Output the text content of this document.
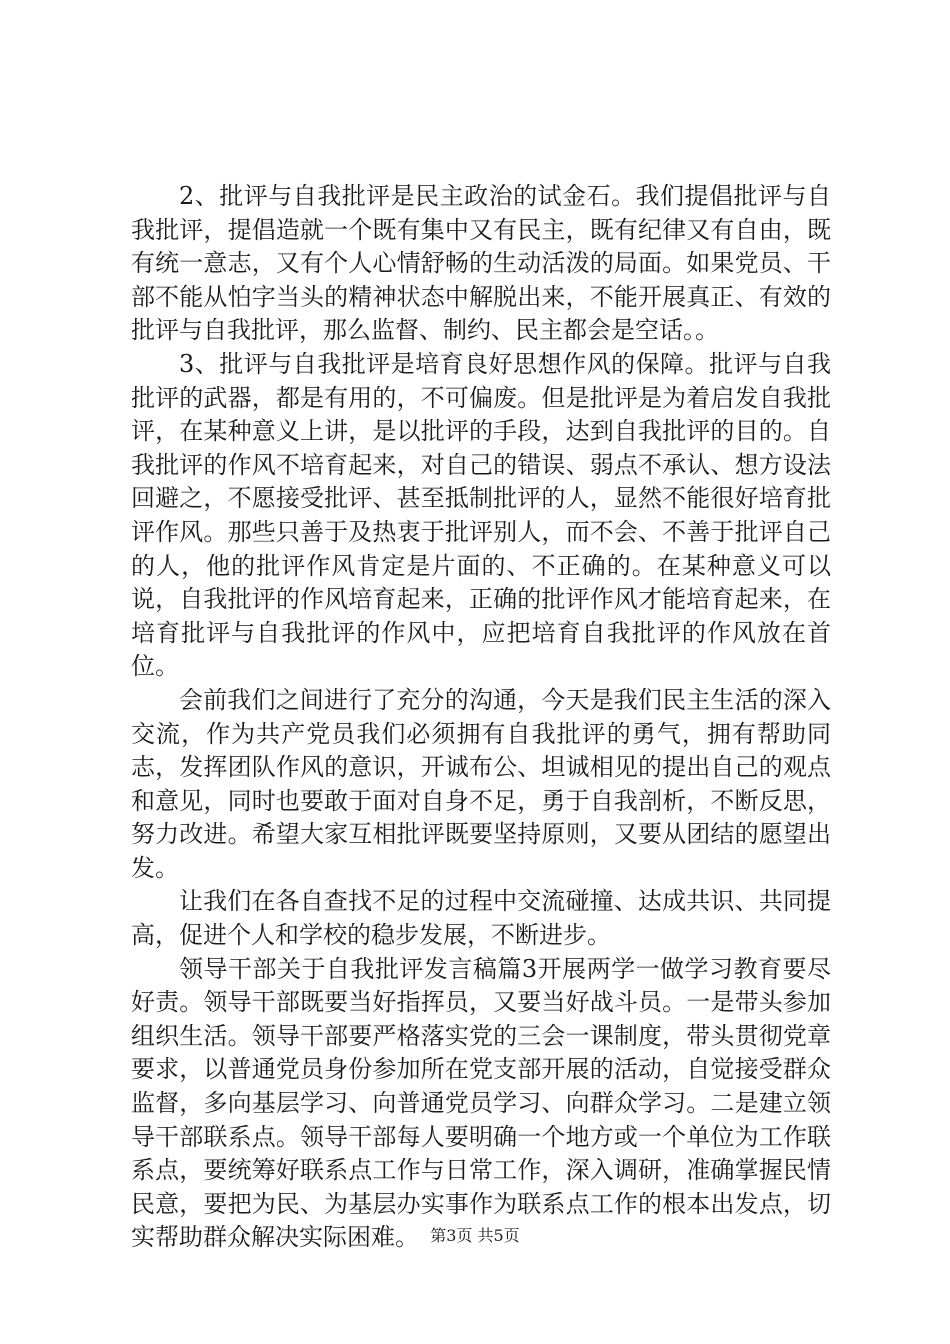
2、批评与自我批评是民主政治的试金石。我们提倡批评与自我批评，提倡造就一个既有集中又有民主，既有纪律又有自由，既有统一意志，又有个人心情舒畅的生动活泼的局面。如果党员、干部不能从怕字当头的精神状态中解脱出来，不能开展真正、有效的批评与自我批评，那么监督、制约、民主都会是空话。。

3、批评与自我批评是培育良好思想作风的保障。批评与自我批评的武器，都是有用的，不可偏废。但是批评是为着启发自我批评，在某种意义上讲，是以批评的手段，达到自我批评的目的。自我批评的作风不培育起来，对自己的错误、弱点不承认、想方设法回避之，不愿接受批评、甚至抵制批评的人，显然不能很好培育批评作风。那些只善于及热衷于批评别人，而不会、不善于批评自己的人，他的批评作风肯定是片面的、不正确的。在某种意义可以说，自我批评的作风培育起来，正确的批评作风才能培育起来，在培育批评与自我批评的作风中，应把培育自我批评的作风放在首位。

会前我们之间进行了充分的沟通，今天是我们民主生活的深入交流，作为共产党员我们必须拥有自我批评的勇气，拥有帮助同志，发挥团队作风的意识，开诚布公、坦诚相见的提出自己的观点和意见，同时也要敢于面对自身不足，勇于自我剖析，不断反思，努力改进。希望大家互相批评既要坚持原则，又要从团结的愿望出发。

让我们在各自查找不足的过程中交流碰撞、达成共识、共同提高，促进个人和学校的稳步发展，不断进步。

领导干部关于自我批评发言稿篇3开展两学一做学习教育要尽好责。领导干部既要当好指挥员，又要当好战斗员。一是带头参加组织生活。领导干部要严格落实党的三会一课制度，带头贯彻党章要求，以普通党员身份参加所在党支部开展的活动，自觉接受群众监督，多向基层学习、向普通党员学习、向群众学习。二是建立领导干部联系点。领导干部每人要明确一个地方或一个单位为工作联系点，要统筹好联系点工作与日常工作，深入调研，准确掌握民情民意，要把为民、为基层办实事作为联系点工作的根本出发点，切实帮助群众解决实际困难。 第3页 共5页
